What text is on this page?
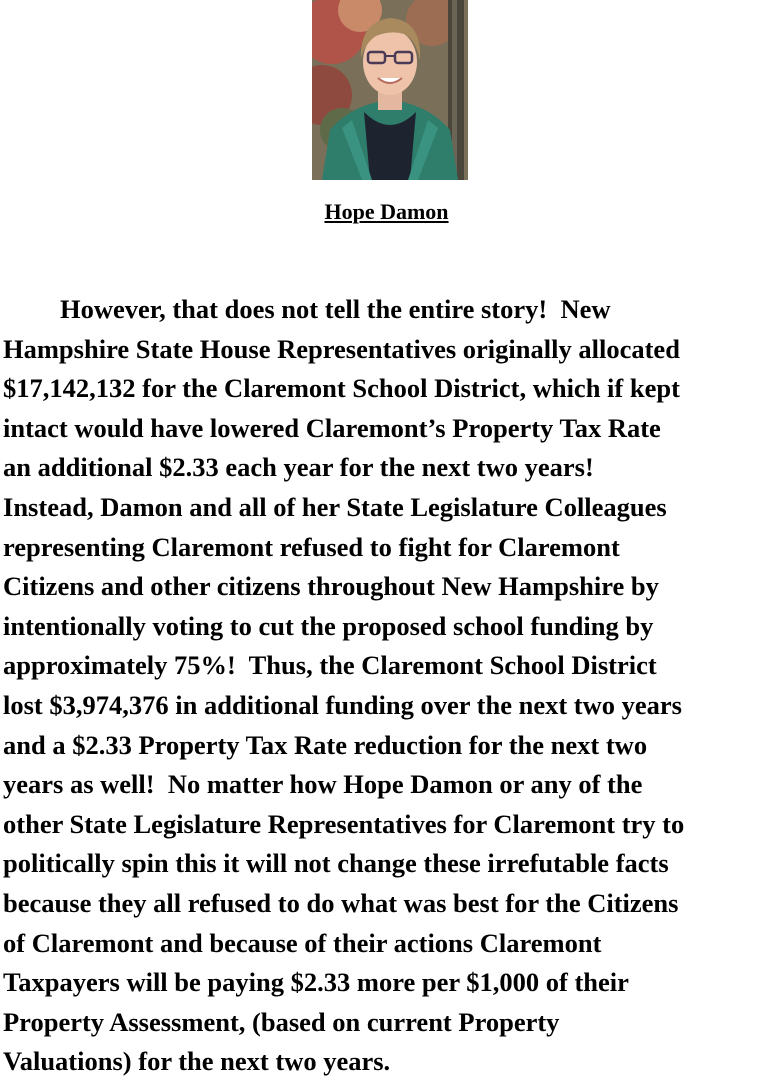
Hope Damon
However, that does not tell the entire story!  New
Hampshire State House Representatives originally allocated
$17,142,132 for the Claremont School District, which if kept
intact would have lowered Claremont’s Property Tax Rate
an additional $2.33 each year for the next two years!
Instead, Damon and all of her State Legislature Colleagues
representing Claremont refused to fight for Claremont
Citizens and other citizens throughout New Hampshire by
intentionally voting to cut the proposed school funding by
approximately 75%!  Thus, the Claremont School District
lost $3,974,376 in additional funding over the next two years
and a $2.33 Property Tax Rate reduction for the next two
years as well!  No matter how Hope Damon or any of the
other State Legislature Representatives for Claremont try to
politically spin this it will not change these irrefutable facts
because they all refused to do what was best for the Citizens
of Claremont and because of their actions Claremont
Taxpayers will be paying $2.33 more per $1,000 of their
Property Assessment, (based on current Property
Valuations) for the next two years.
